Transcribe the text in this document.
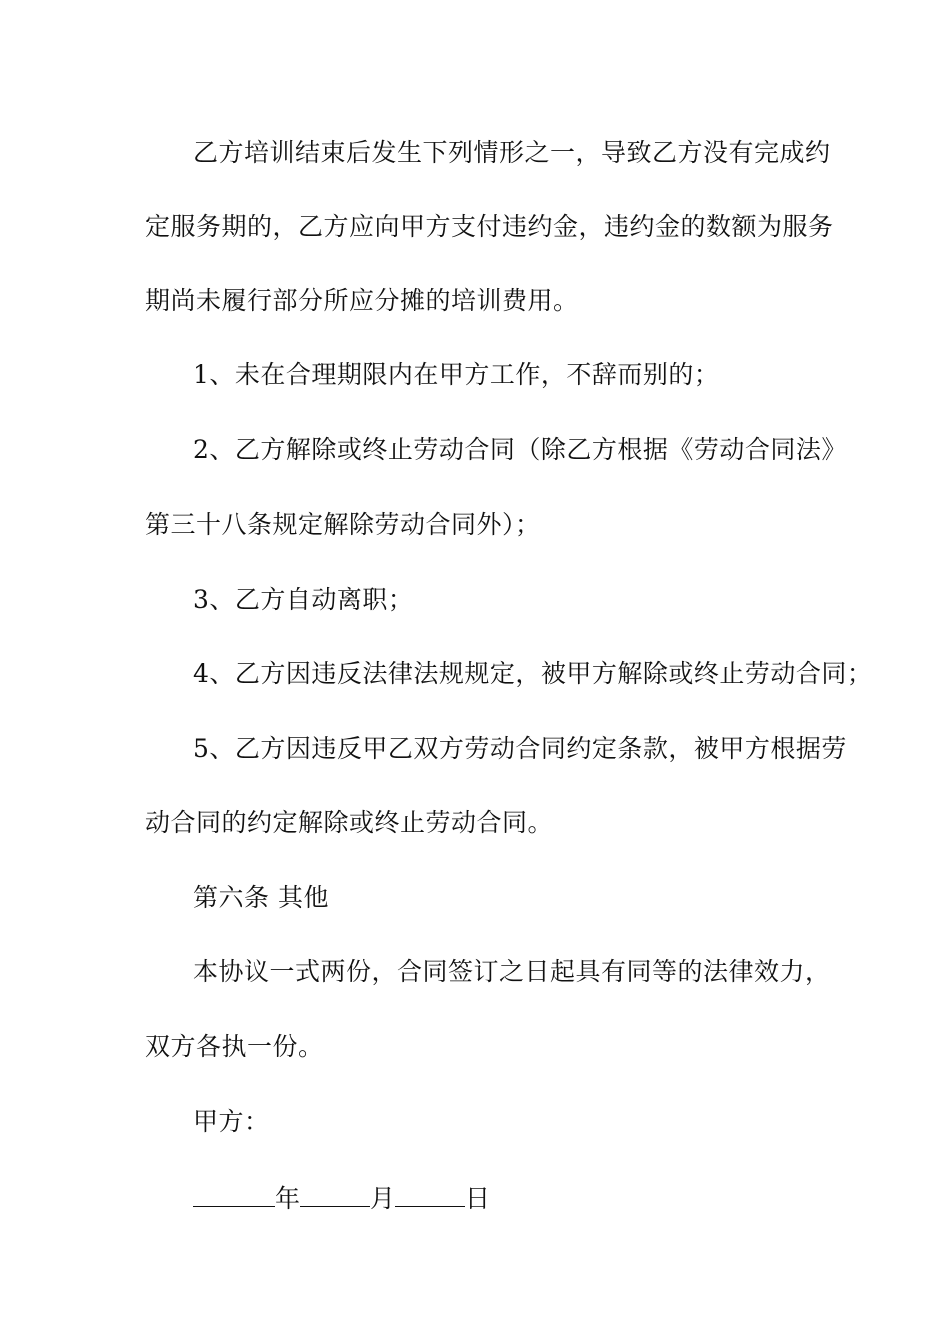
乙方培训结束后发生下列情形之一，导致乙方没有完成约
定服务期的，乙方应向甲方支付违约金，违约金的数额为服务
期尚未履行部分所应分摊的培训费用。
1、未在合理期限内在甲方工作，不辞而别的；
2、乙方解除或终止劳动合同（除乙方根据《劳动合同法》
第三十八条规定解除劳动合同外）；
3、乙方自动离职；
4、乙方因违反法律法规规定，被甲方解除或终止劳动合同；
5、乙方因违反甲乙双方劳动合同约定条款，被甲方根据劳
动合同的约定解除或终止劳动合同。
第六条 其他
本协议一式两份，合同签订之日起具有同等的法律效力，
双方各执一份。
甲方：
年	月	日
